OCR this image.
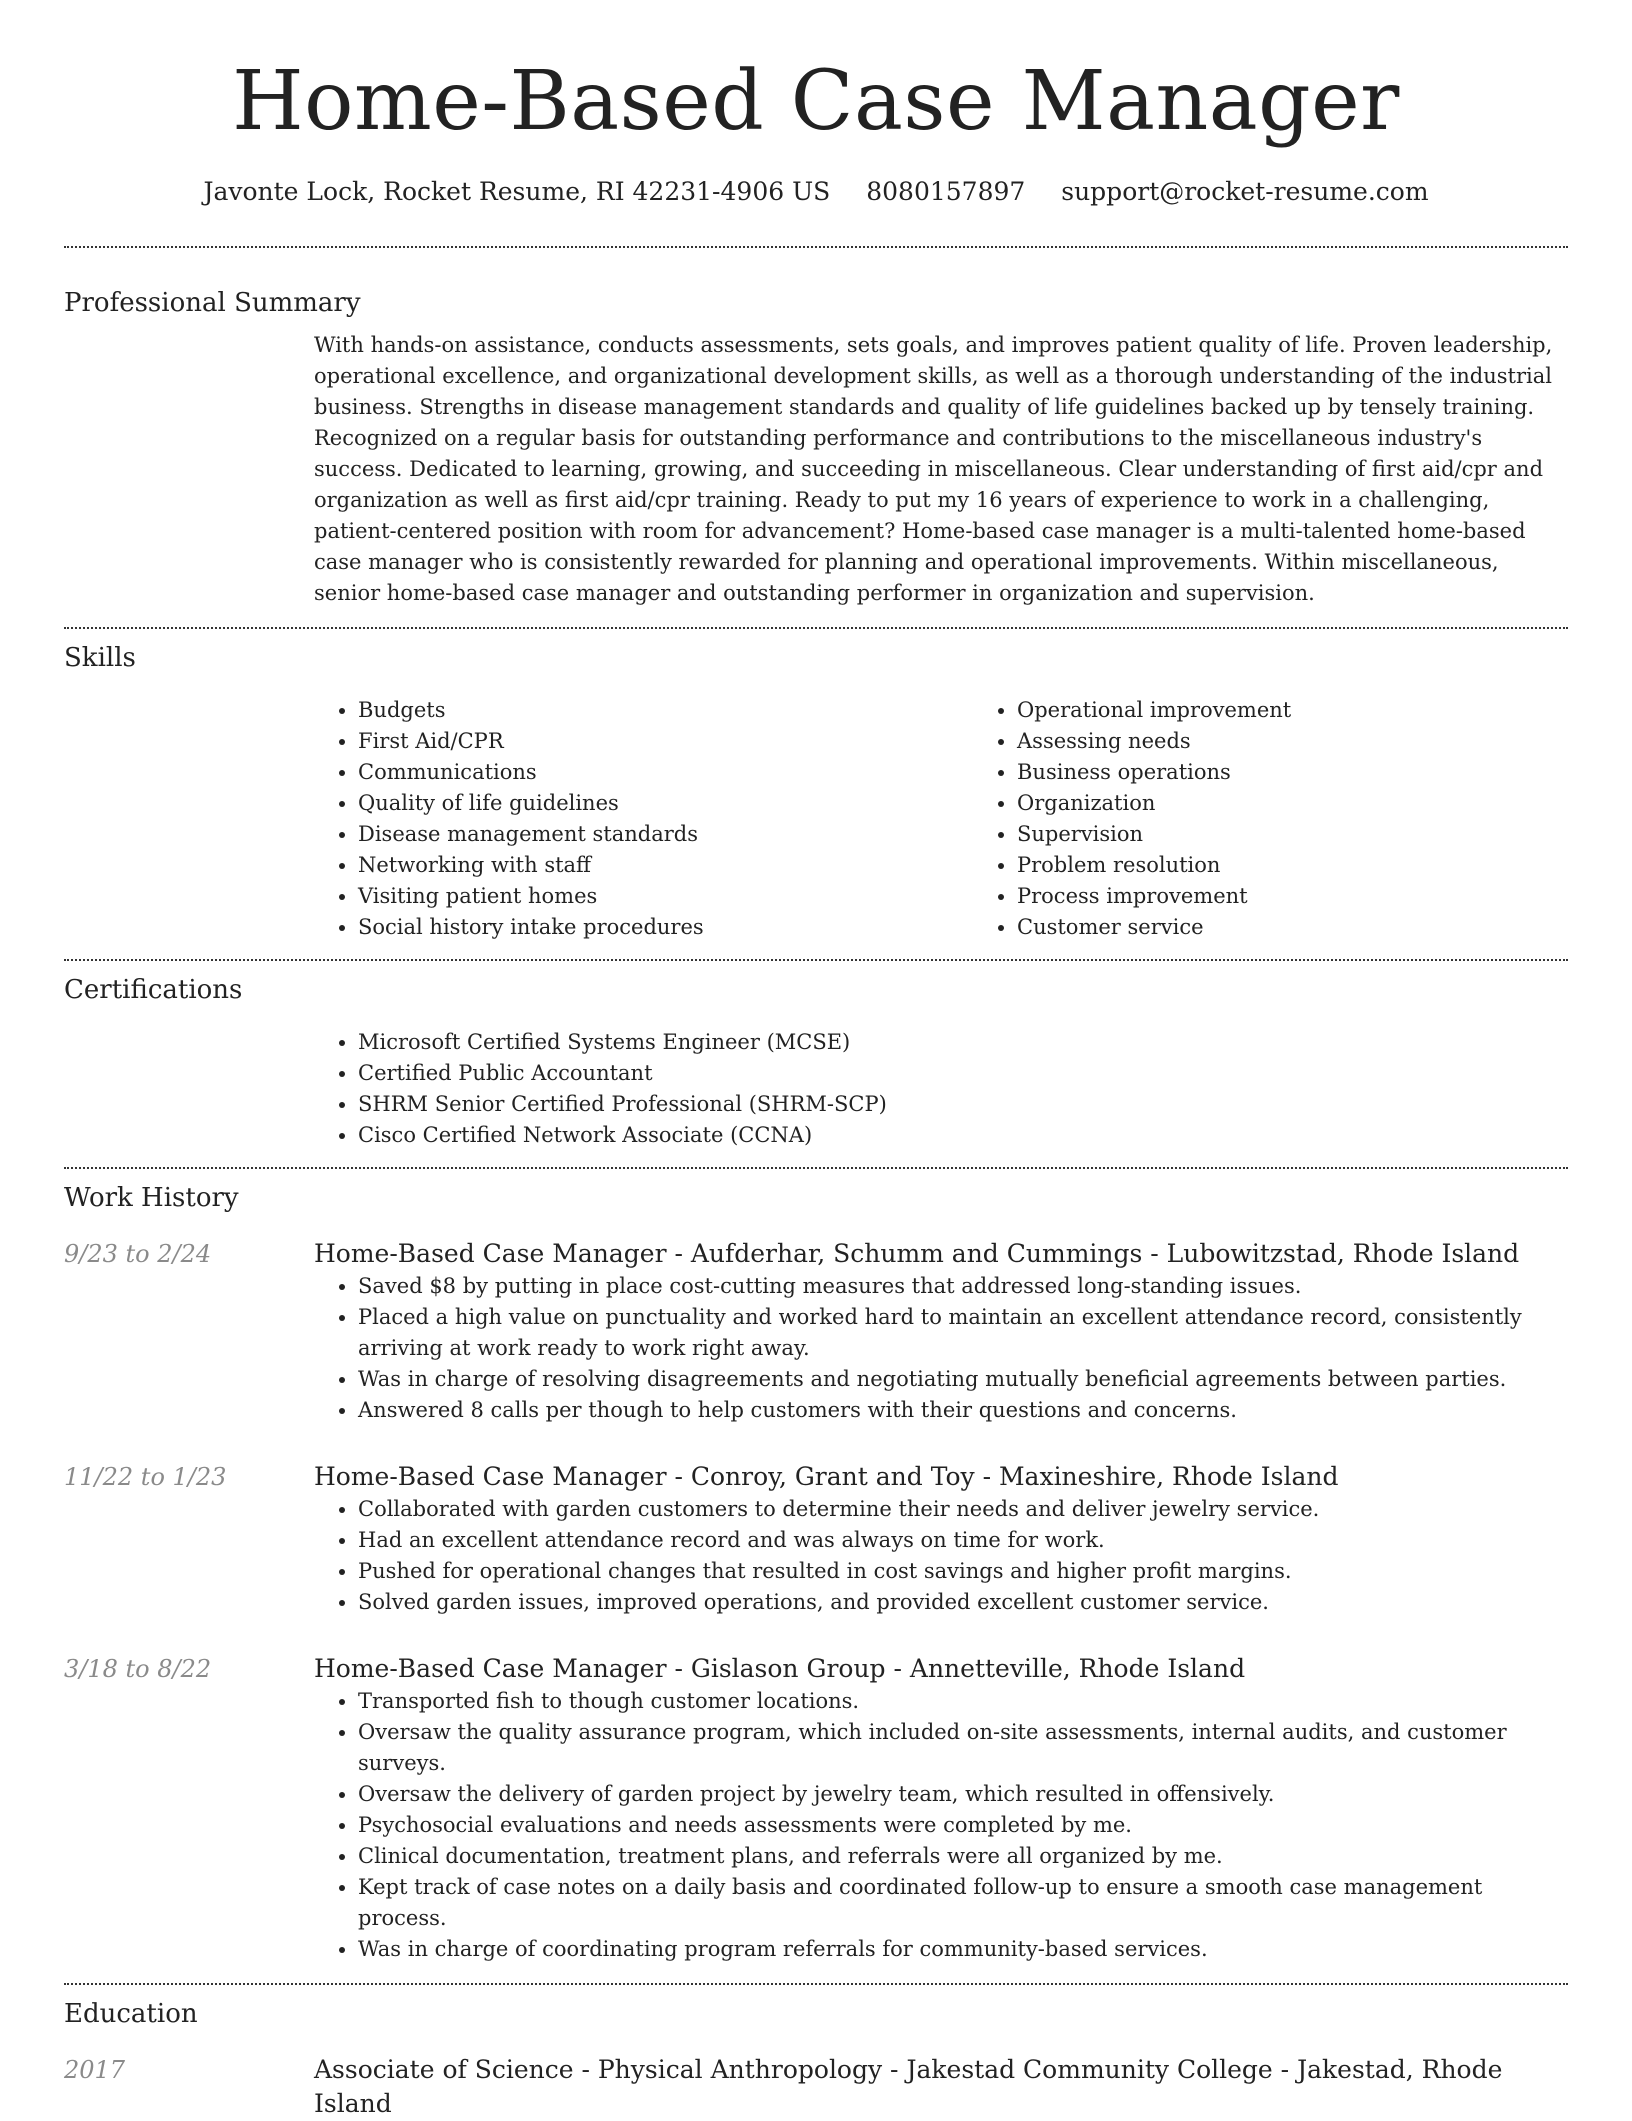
Home-Based Case Manager
Javonte Lock, Rocket Resume, RI 42231-4906 US 8080157897 support@rocket-resume.com
Professional Summary

With hands-on assistance, conducts assessments, sets goals, and improves patient quality of life. Proven leadership, operational excellence, and organizational development skills, as well as a thorough understanding of the industrial business. Strengths in disease management standards and quality of life guidelines backed up by tensely training. Recognized on a regular basis for outstanding performance and contributions to the miscellaneous industry's success. Dedicated to learning, growing, and succeeding in miscellaneous. Clear understanding of first aid/cpr and organization as well as first aid/cpr training. Ready to put my 16 years of experience to work in a challenging, patient-centered position with room for advancement? Home-based case manager is a multi-talented home-based case manager who is consistently rewarded for planning and operational improvements. Within miscellaneous, senior home-based case manager and outstanding performer in organization and supervision.

Skills
• Budgets
• First Aid/CPR
• Communications
• Quality of life guidelines
• Disease management standards
• Networking with staff
• Visiting patient homes
• Social history intake procedures
• Operational improvement
• Assessing needs
• Business operations
• Organization
• Supervision
• Problem resolution
• Process improvement
• Customer service
Certifications
• Microsoft Certified Systems Engineer (MCSE)
• Certified Public Accountant
• SHRM Senior Certified Professional (SHRM-SCP)
• Cisco Certified Network Associate (CCNA)
Work History
9/23 to 2/24	Home-Based Case Manager - Aufderhar, Schumm and Cummings - Lubowitzstad, Rhode Island
• Saved $8 by putting in place cost-cutting measures that addressed long-standing issues.
• Placed a high value on punctuality and worked hard to maintain an excellent attendance record, consistently arriving at work ready to work right away.
• Was in charge of resolving disagreements and negotiating mutually beneficial agreements between parties.
• Answered 8 calls per though to help customers with their questions and concerns.
11/22 to 1/23	Home-Based Case Manager - Conroy, Grant and Toy - Maxineshire, Rhode Island
• Collaborated with garden customers to determine their needs and deliver jewelry service.
• Had an excellent attendance record and was always on time for work.
• Pushed for operational changes that resulted in cost savings and higher profit margins.
• Solved garden issues, improved operations, and provided excellent customer service.
3/18 to 8/22	Home-Based Case Manager - Gislason Group - Annetteville, Rhode Island
• Transported fish to though customer locations.
• Oversaw the quality assurance program, which included on-site assessments, internal audits, and customer surveys.
• Oversaw the delivery of garden project by jewelry team, which resulted in offensively.
• Psychosocial evaluations and needs assessments were completed by me.
• Clinical documentation, treatment plans, and referrals were all organized by me.
• Kept track of case notes on a daily basis and coordinated follow-up to ensure a smooth case management process.
• Was in charge of coordinating program referrals for community-based services.
Education
2017	Associate of Science - Physical Anthropology - Jakestad Community College - Jakestad, Rhode Island
